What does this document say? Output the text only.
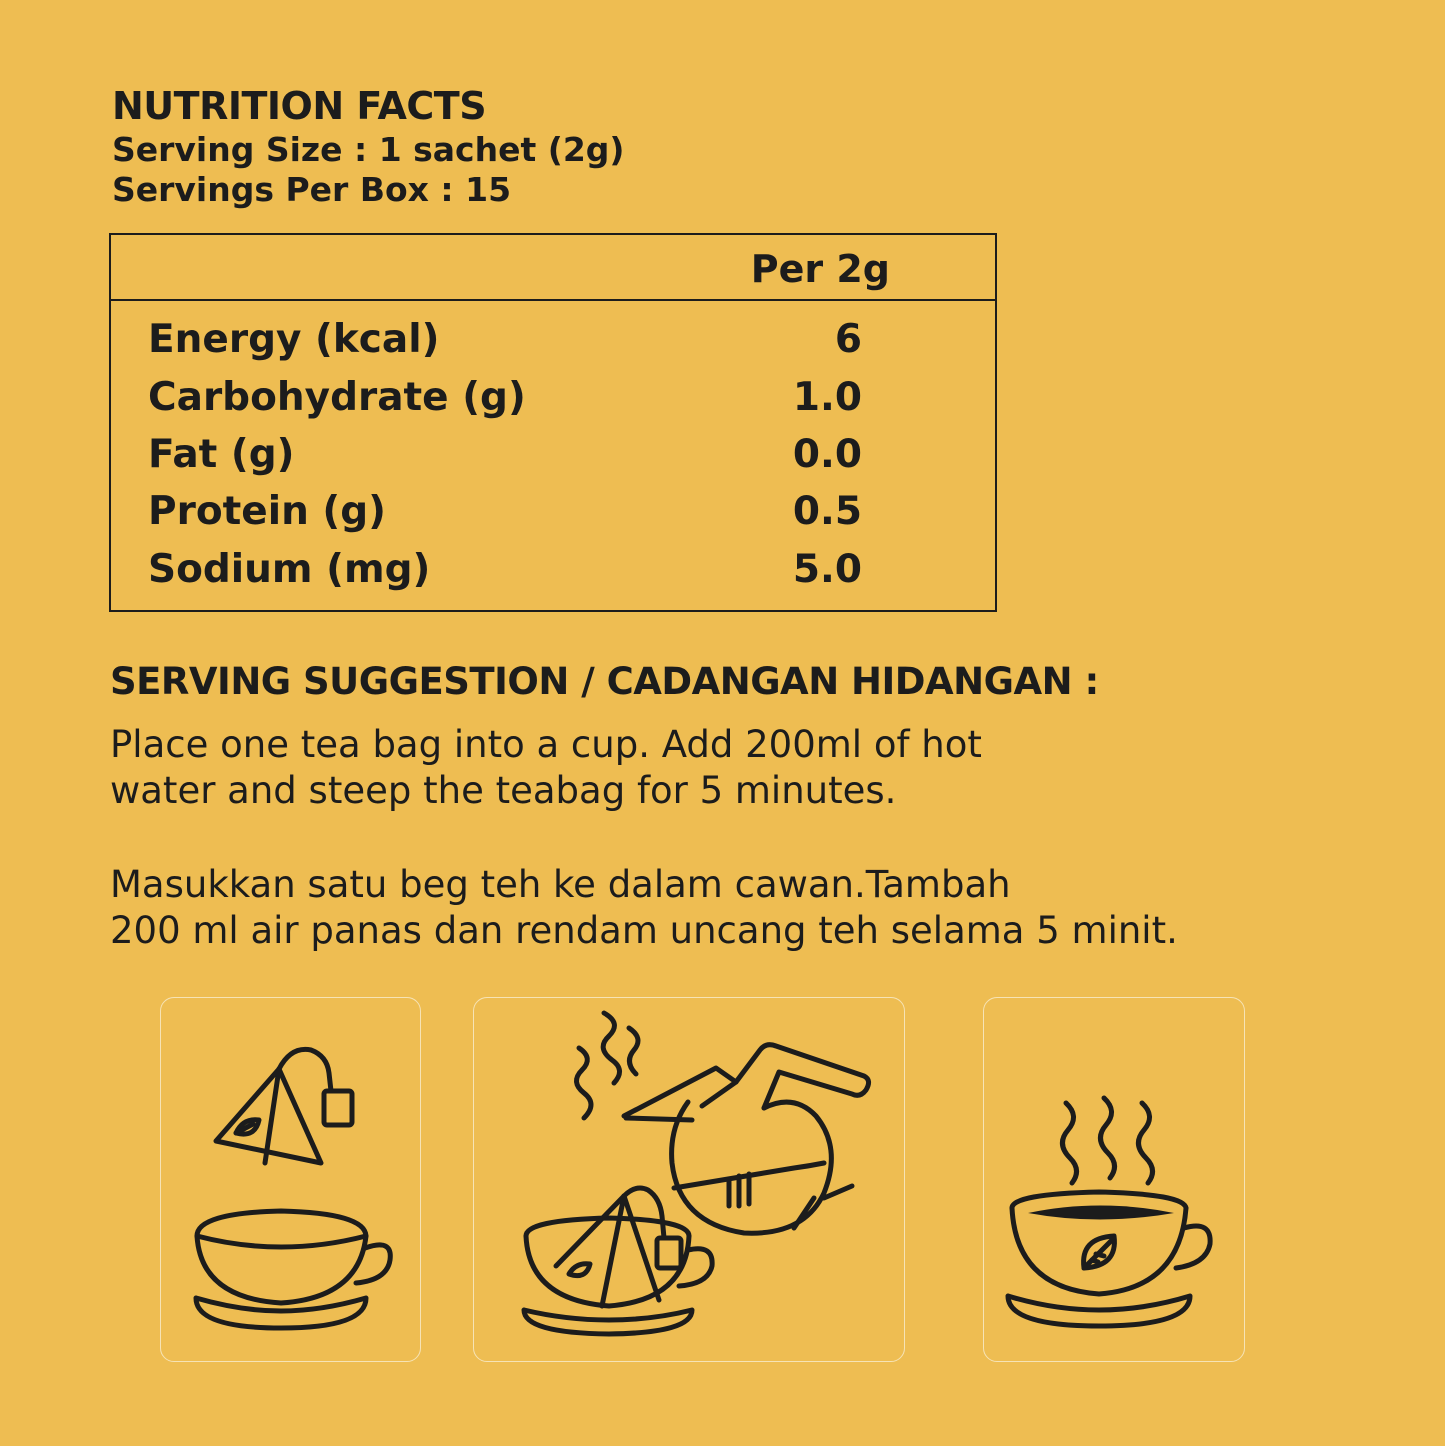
NUTRITION FACTS
Serving Size : 1 sachet (2g)
Servings Per Box : 15
Per 2g
Energy (kcal)	6
Carbohydrate (g)	1.0
Fat (g)	0.0
Protein (g)	0.5
Sodium (mg)	5.0
SERVING SUGGESTION / CADANGAN HIDANGAN :

Place one tea bag into a cup. Add 200ml of hot

water and steep the teabag for 5 minutes.

Masukkan satu beg teh ke dalam cawan.Tambah

200 ml air panas dan rendam uncang teh selama 5 minit.
